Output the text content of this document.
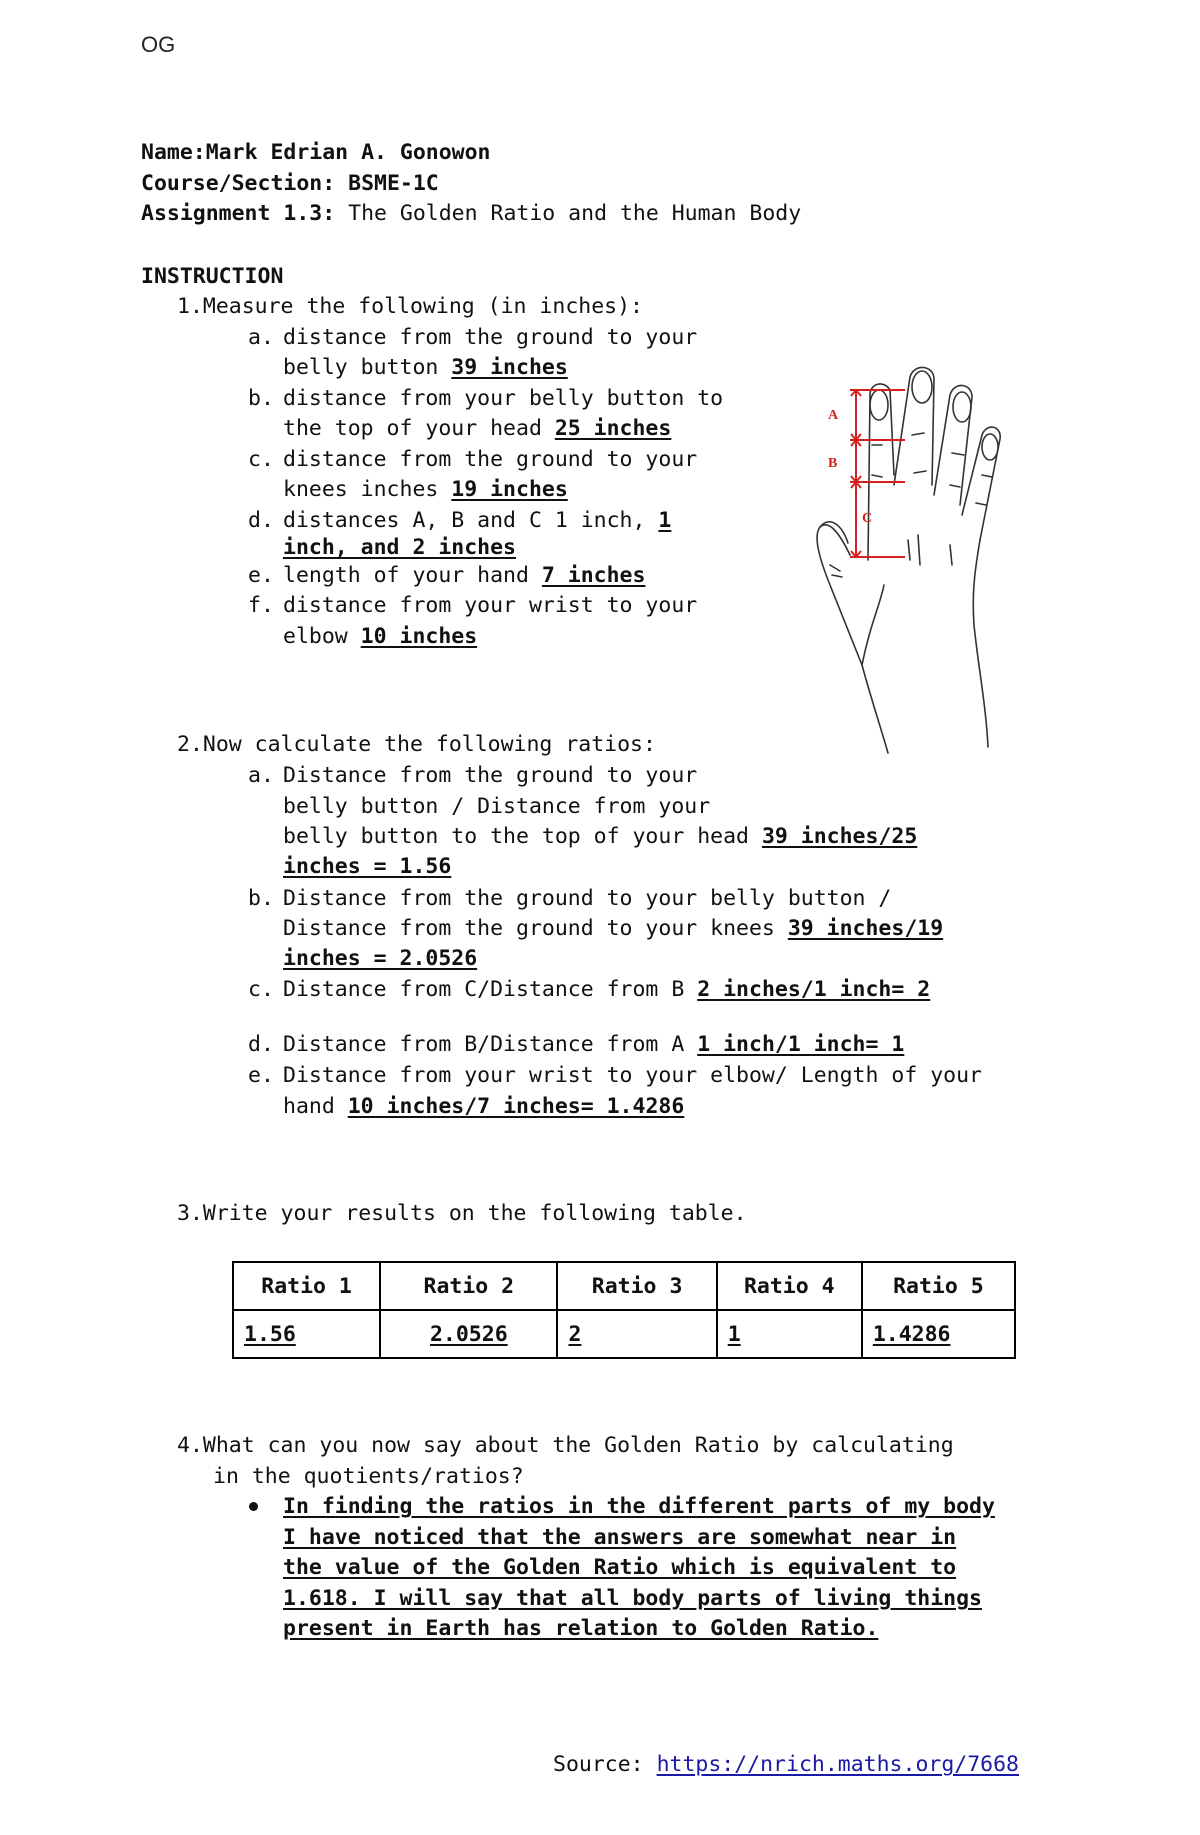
OG
Name:Mark Edrian A. Gonowon
Course/Section: BSME-1C
Assignment 1.3: The Golden Ratio and the Human Body
INSTRUCTION
1.Measure the following (in inches):
a. distance from the ground to your
belly button 39 inches
b. distance from your belly button to
the top of your head 25 inches
c. distance from the ground to your
knees inches 19 inches
d. distances A, B and C 1 inch, 1
inch, and 2 inches
e. length of your hand 7 inches
f. distance from your wrist to your
elbow 10 inches
A
B
C
2.Now calculate the following ratios:
a. Distance from the ground to your
belly button / Distance from your
belly button to the top of your head 39 inches/25
inches = 1.56
b. Distance from the ground to your belly button /
Distance from the ground to your knees 39 inches/19
inches = 2.0526
c. Distance from C/Distance from B 2 inches/1 inch= 2
d. Distance from B/Distance from A 1 inch/1 inch= 1
e. Distance from your wrist to your elbow/ Length of your
hand 10 inches/7 inches= 1.4286
3.Write your results on the following table.
Ratio 1	Ratio 2	Ratio 3	Ratio 4	Ratio 5
1.56	2.0526	2	1	1.4286
4.What can you now say about the Golden Ratio by calculating
in the quotients/ratios?
In finding the ratios in the different parts of my body
I have noticed that the answers are somewhat near in
the value of the Golden Ratio which is equivalent to
1.618. I will say that all body parts of living things
present in Earth has relation to Golden Ratio.
Source: https://nrich.maths.org/7668
